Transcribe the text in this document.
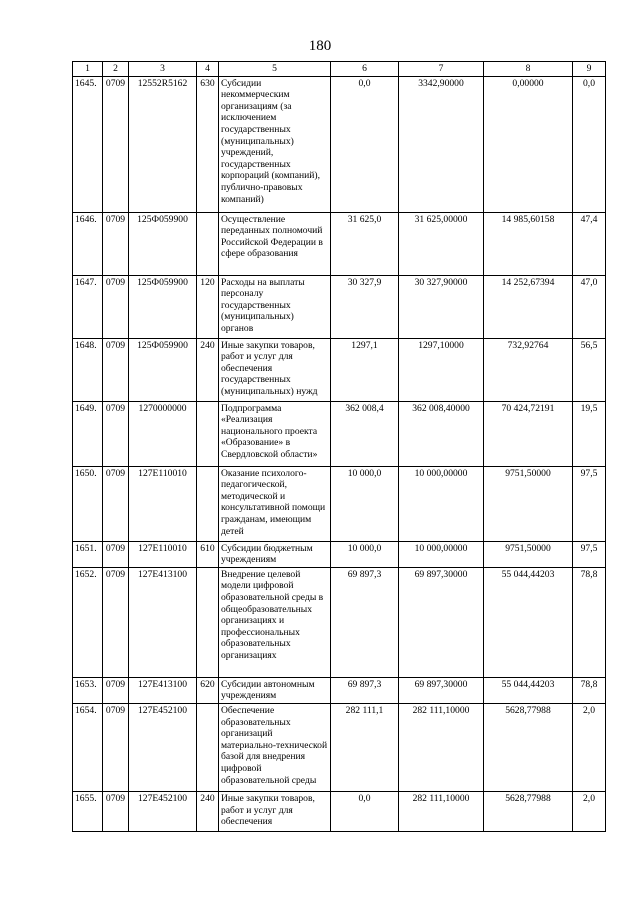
180
1	2	3	4	5	6	7	8	9
1645.	0709	12552R5162	630	Субсидии некоммерческим организациям (за исключением государственных (муниципальных) учреждений, государственных корпораций (компаний), публично-правовых компаний)	0,0	3342,90000	0,00000	0,0
1646.	0709	125Ф059900		Осуществление переданных полномочий Российской Федерации в сфере образования	31 625,0	31 625,00000	14 985,60158	47,4
1647.	0709	125Ф059900	120	Расходы на выплаты персоналу государственных (муниципальных) органов	30 327,9	30 327,90000	14 252,67394	47,0
1648.	0709	125Ф059900	240	Иные закупки товаров, работ и услуг для обеспечения государственных (муниципальных) нужд	1297,1	1297,10000	732,92764	56,5
1649.	0709	1270000000		Подпрограмма «Реализация национального проекта «Образование» в Свердловской области»	362 008,4	362 008,40000	70 424,72191	19,5
1650.	0709	127E110010		Оказание психолого-педагогической, методической и консультативной помощи гражданам, имеющим детей	10 000,0	10 000,00000	9751,50000	97,5
1651.	0709	127E110010	610	Субсидии бюджетным учреждениям	10 000,0	10 000,00000	9751,50000	97,5
1652.	0709	127E413100		Внедрение целевой модели цифровой образовательной среды в общеобразовательных организациях и профессиональных образовательных организациях	69 897,3	69 897,30000	55 044,44203	78,8
1653.	0709	127E413100	620	Субсидии автономным учреждениям	69 897,3	69 897,30000	55 044,44203	78,8
1654.	0709	127E452100		Обеспечение образовательных организаций материально-технической базой для внедрения цифровой образовательной среды	282 111,1	282 111,10000	5628,77988	2,0
1655.	0709	127E452100	240	Иные закупки товаров, работ и услуг для обеспечения	0,0	282 111,10000	5628,77988	2,0
